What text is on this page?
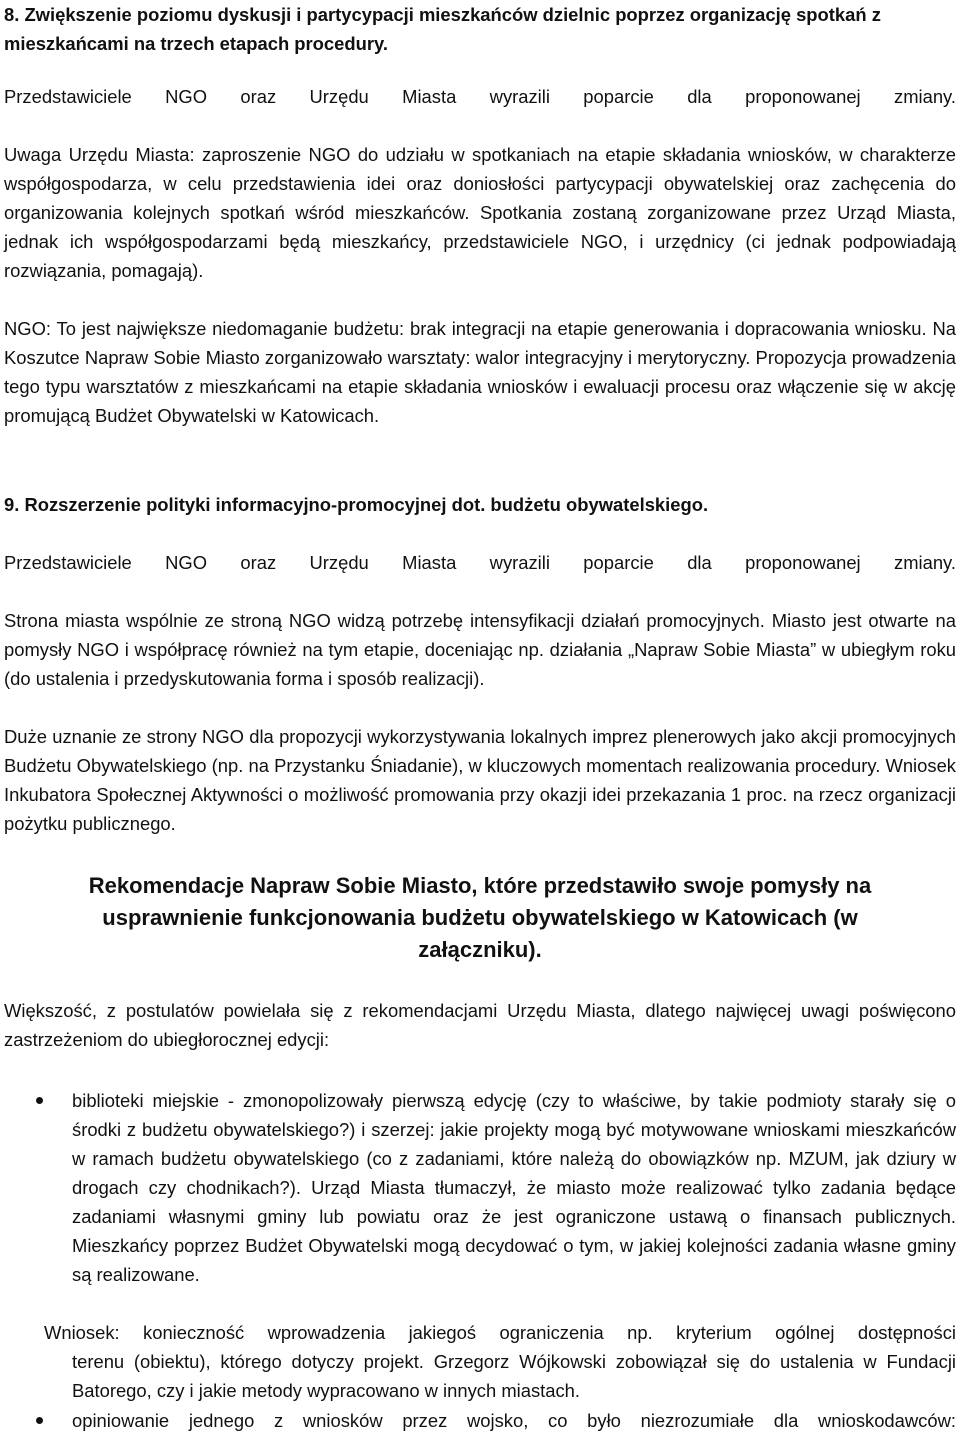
8. Zwiększenie poziomu dyskusji i partycypacji mieszkańców dzielnic poprzez organizację spotkań z mieszkańcami na trzech etapach procedury.

Przedstawiciele NGO oraz Urzędu Miasta wyrazili poparcie dla proponowanej zmiany.

Uwaga Urzędu Miasta: zaproszenie NGO do udziału w spotkaniach na etapie składania wniosków, w charakterze współgospodarza, w celu przedstawienia idei oraz doniosłości partycypacji obywatelskiej oraz zachęcenia do organizowania kolejnych spotkań wśród mieszkańców. Spotkania zostaną zorganizowane przez Urząd Miasta, jednak ich współgospodarzami będą mieszkańcy, przedstawiciele NGO, i urzędnicy (ci jednak podpowiadają rozwiązania, pomagają).

NGO: To jest największe niedomaganie budżetu: brak integracji na etapie generowania i dopracowania wniosku. Na Koszutce Napraw Sobie Miasto zorganizowało warsztaty: walor integracyjny i merytoryczny. Propozycja prowadzenia tego typu warsztatów z mieszkańcami na etapie składania wniosków i ewaluacji procesu oraz włączenie się w akcję promującą Budżet Obywatelski w Katowicach.

9. Rozszerzenie polityki informacyjno-promocyjnej dot. budżetu obywatelskiego.

Przedstawiciele NGO oraz Urzędu Miasta wyrazili poparcie dla proponowanej zmiany.

Strona miasta wspólnie ze stroną NGO widzą potrzebę intensyfikacji działań promocyjnych. Miasto jest otwarte na pomysły NGO i współpracę również na tym etapie, doceniając np. działania „Napraw Sobie Miasta” w ubiegłym roku (do ustalenia i przedyskutowania forma i sposób realizacji).

Duże uznanie ze strony NGO dla propozycji wykorzystywania lokalnych imprez plenerowych jako akcji promocyjnych Budżetu Obywatelskiego (np. na Przystanku Śniadanie), w kluczowych momentach realizowania procedury. Wniosek Inkubatora Społecznej Aktywności o możliwość promowania przy okazji idei przekazania 1 proc. na rzecz organizacji pożytku publicznego.

Rekomendacje Napraw Sobie Miasto, które przedstawiło swoje pomysły na usprawnienie funkcjonowania budżetu obywatelskiego w Katowicach (w załączniku).

Większość, z postulatów powielała się z rekomendacjami Urzędu Miasta, dlatego najwięcej uwagi poświęcono zastrzeżeniom do ubiegłorocznej edycji:

biblioteki miejskie - zmonopolizowały pierwszą edycję (czy to właściwe, by takie podmioty starały się o środki z budżetu obywatelskiego?) i szerzej: jakie projekty mogą być motywowane wnioskami mieszkańców w ramach budżetu obywatelskiego (co z zadaniami, które należą do obowiązków np. MZUM, jak dziury w drogach czy chodnikach?). Urząd Miasta tłumaczył, że miasto może realizować tylko zadania będące zadaniami własnymi gminy lub powiatu oraz że jest ograniczone ustawą o finansach publicznych. Mieszkańcy poprzez Budżet Obywatelski mogą decydować o tym, w jakiej kolejności zadania własne gminy są realizowane.

Wniosek: konieczność wprowadzenia jakiegoś ograniczenia np. kryterium ogólnej dostępności

terenu (obiektu), którego dotyczy projekt. Grzegorz Wójkowski zobowiązał się do ustalenia w Fundacji Batorego, czy i jakie metody wypracowano w innych miastach.

opiniowanie jednego z wniosków przez wojsko, co było niezrozumiałe dla wnioskodawców:
